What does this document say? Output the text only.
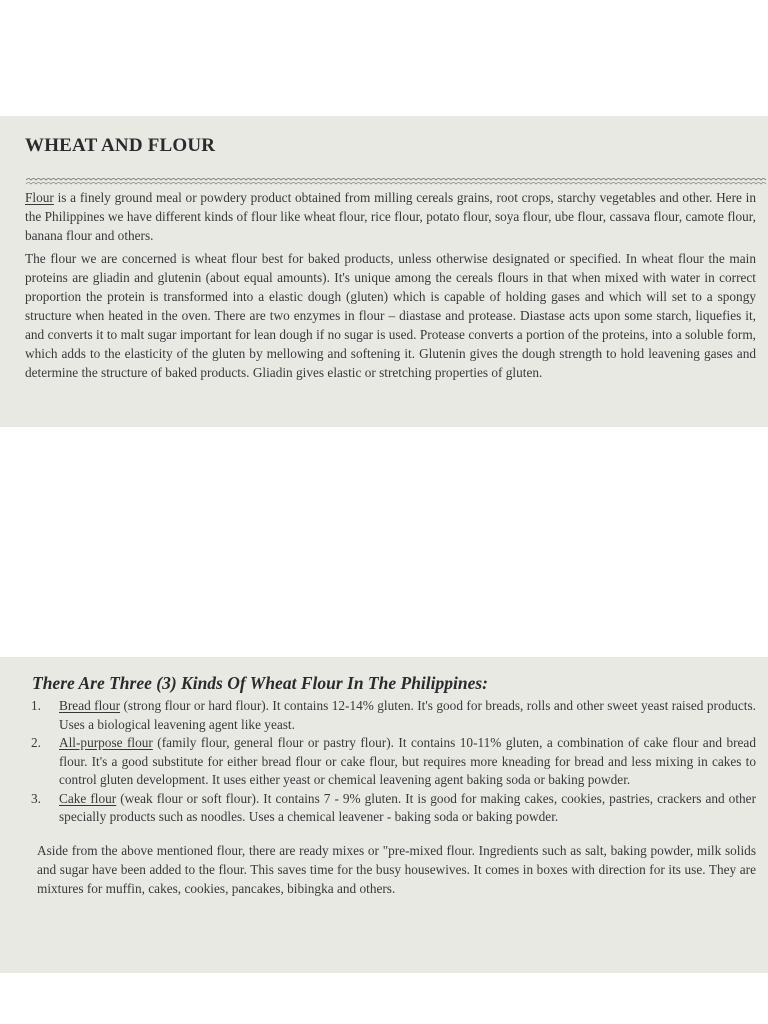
WHEAT AND FLOUR

Flour is a finely ground meal or powdery product obtained from milling cereals grains, root crops, starchy vegetables and other. Here in the Philippines we have different kinds of flour like wheat flour, rice flour, potato flour, soya flour, ube flour, cassava flour, camote flour, banana flour and others.

The flour we are concerned is wheat flour best for baked products, unless otherwise designated or specified. In wheat flour the main proteins are gliadin and glutenin (about equal amounts). It's unique among the cereals flours in that when mixed with water in correct proportion the protein is transformed into a elastic dough (gluten) which is capable of holding gases and which will set to a spongy structure when heated in the oven. There are two enzymes in flour – diastase and protease. Diastase acts upon some starch, liquefies it, and converts it to malt sugar important for lean dough if no sugar is used. Protease converts a portion of the proteins, into a soluble form, which adds to the elasticity of the gluten by mellowing and softening it. Glutenin gives the dough strength to hold leavening gases and determine the structure of baked products. Gliadin gives elastic or stretching properties of gluten.

There Are Three (3) Kinds Of Wheat Flour In The Philippines:
1. Bread flour (strong flour or hard flour). It contains 12-14% gluten. It's good for breads, rolls and other sweet yeast raised products. Uses a biological leavening agent like yeast.
2. All-purpose flour (family flour, general flour or pastry flour). It contains 10-11% gluten, a combination of cake flour and bread flour. It's a good substitute for either bread flour or cake flour, but requires more kneading for bread and less mixing in cakes to control gluten development. It uses either yeast or chemical leavening agent baking soda or baking powder.
3. Cake flour (weak flour or soft flour). It contains 7 - 9% gluten. It is good for making cakes, cookies, pastries, crackers and other specially products such as noodles. Uses a chemical leavener - baking soda or baking powder.

Aside from the above mentioned flour, there are ready mixes or "pre-mixed flour. Ingredients such as salt, baking powder, milk solids and sugar have been added to the flour. This saves time for the busy housewives. It comes in boxes with direction for its use. They are mixtures for muffin, cakes, cookies, pancakes, bibingka and others.
